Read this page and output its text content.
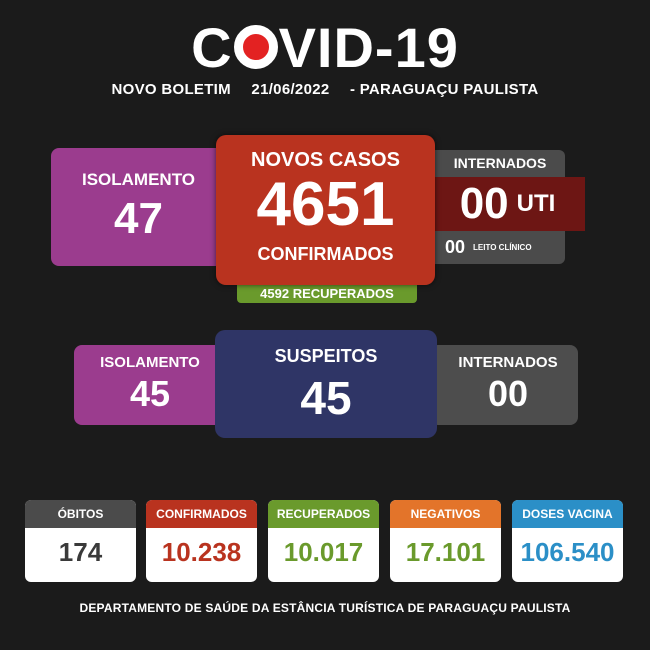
C VID-19
NOVO BOLETIM 21/06/2022 - PARAGUAÇU PAULISTA
ISOLAMENTO
47
NOVOS CASOS
4651
CONFIRMADOS
4592 RECUPERADOS
INTERNADOS
00 UTI
00 LEITO CLÍNICO
ISOLAMENTO
45
SUSPEITOS
45
INTERNADOS
00
ÓBITOS
174
CONFIRMADOS
10.238
RECUPERADOS
10.017
NEGATIVOS
17.101
DOSES VACINA
106.540
DEPARTAMENTO DE SAÚDE DA ESTÂNCIA TURÍSTICA DE PARAGUAÇU PAULISTA
